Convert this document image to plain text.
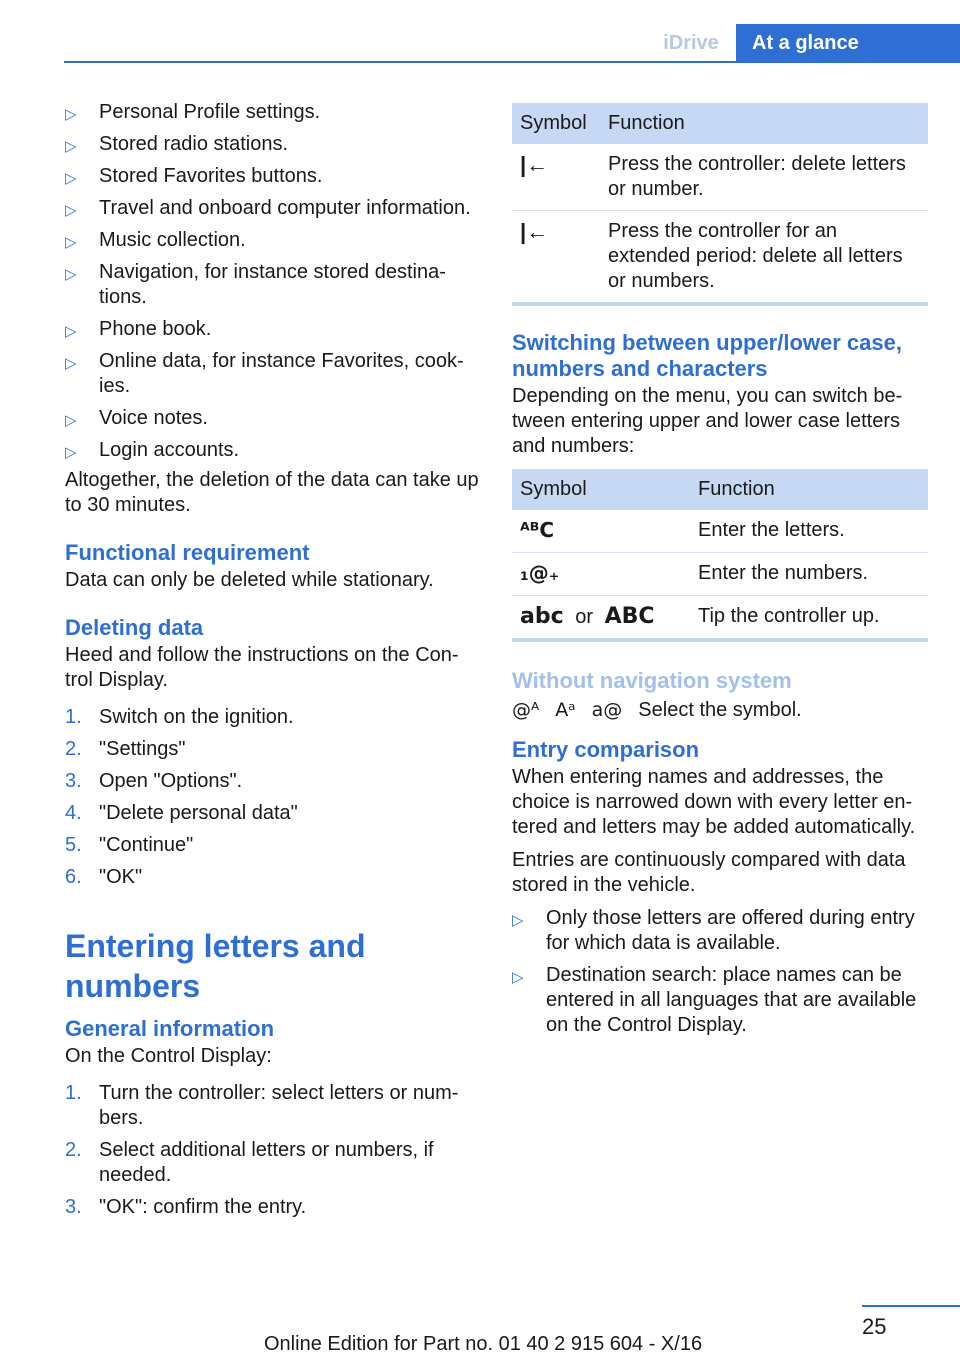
iDrive	At a glance
▷ Personal Profile settings.
▷ Stored radio stations.
▷ Stored Favorites buttons.
▷ Travel and onboard computer information.
▷ Music collection.
▷ Navigation, for instance stored destina-
tions.
▷ Phone book.
▷ Online data, for instance Favorites, cook-
ies.
▷ Voice notes.
▷ Login accounts.

Altogether, the deletion of the data can take up to 30 minutes.

Functional requirement

Data can only be deleted while stationary.

Deleting data

Heed and follow the instructions on the Con-
trol Display.

1. Switch on the ignition.
2. "Settings"
3. Open "Options".
4. "Delete personal data"
5. "Continue"
6. "OK"
Entering letters and numbers
General information

On the Control Display:

1. Turn the controller: select letters or num-
bers.
2. Select additional letters or numbers, if
needed.
3. "OK": confirm the entry.
Symbol	Function
|←	Press the controller: delete letters or number.
|←	Press the controller for an extended period: delete all letters or numbers.
Switching between upper/lower case, numbers and characters

Depending on the menu, you can switch be-
tween entering upper and lower case letters
and numbers:

Symbol	Function
ᴬᴮC	Enter the letters.
₁@₊	Enter the numbers.
abc or ABC	Tip the controller up.
Without navigation system
@ᴬ Aᵃ a@ Select the symbol.
Entry comparison

When entering names and addresses, the
choice is narrowed down with every letter en-
tered and letters may be added automatically.

Entries are continuously compared with data
stored in the vehicle.

▷ Only those letters are offered during entry
for which data is available.
▷ Destination search: place names can be
entered in all languages that are available
on the Control Display.
25
Online Edition for Part no. 01 40 2 915 604 - X/16
